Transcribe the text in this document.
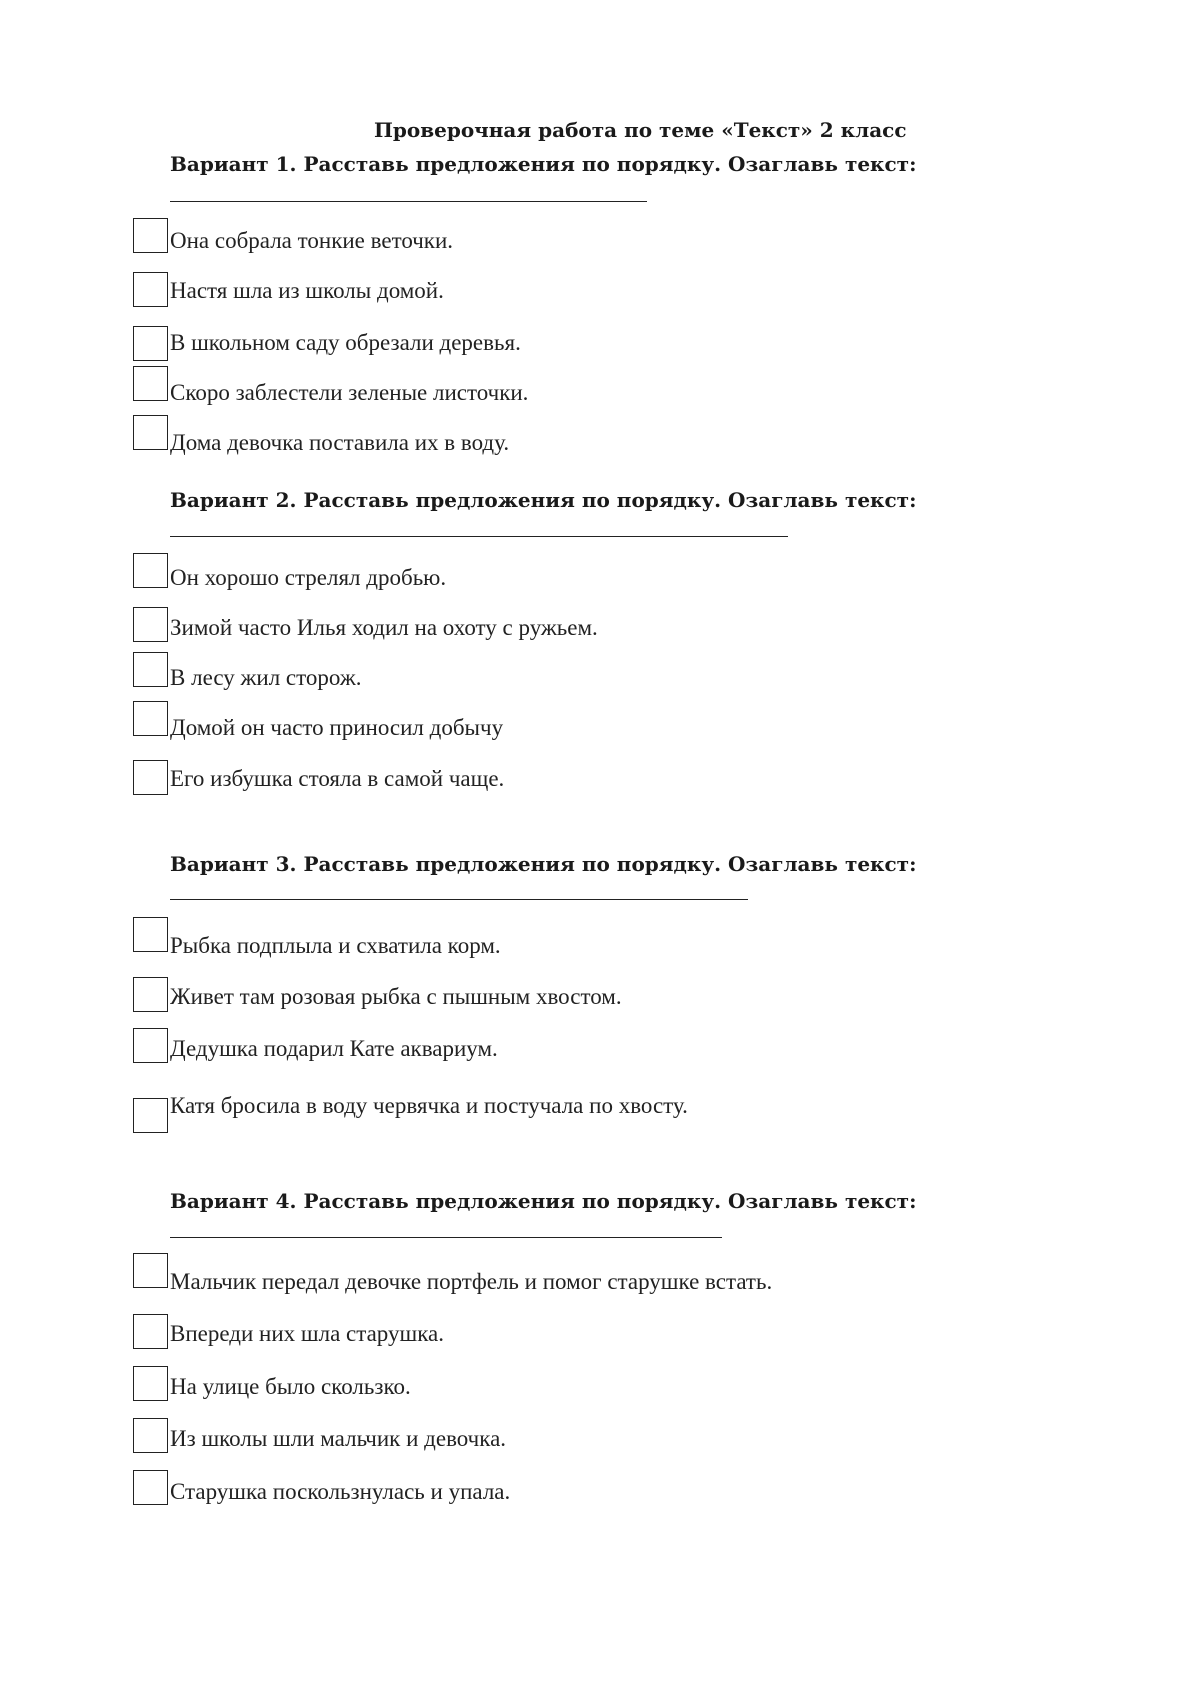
Проверочная работа по теме «Текст» 2 класс
Вариант 1. Расставь предложения по порядку. Озаглавь текст:
Она собрала тонкие веточки.
Настя шла из школы домой.
В школьном саду обрезали деревья.
Скоро заблестели зеленые листочки.
Дома девочка поставила их в воду.
Вариант 2. Расставь предложения по порядку. Озаглавь текст:
Он хорошо стрелял дробью.
Зимой часто Илья ходил на охоту с ружьем.
В лесу жил сторож.
Домой он часто приносил добычу
Его избушка стояла в самой чаще.
Вариант 3. Расставь предложения по порядку. Озаглавь текст:
Рыбка подплыла и схватила корм.
Живет там розовая рыбка с пышным хвостом.
Дедушка подарил Кате аквариум.
Катя бросила в воду червячка и постучала по хвосту.
Вариант 4. Расставь предложения по порядку. Озаглавь текст:
Мальчик передал девочке портфель и помог старушке встать.
Впереди них шла старушка.
На улице было скользко.
Из школы шли мальчик и девочка.
Старушка поскользнулась и упала.
